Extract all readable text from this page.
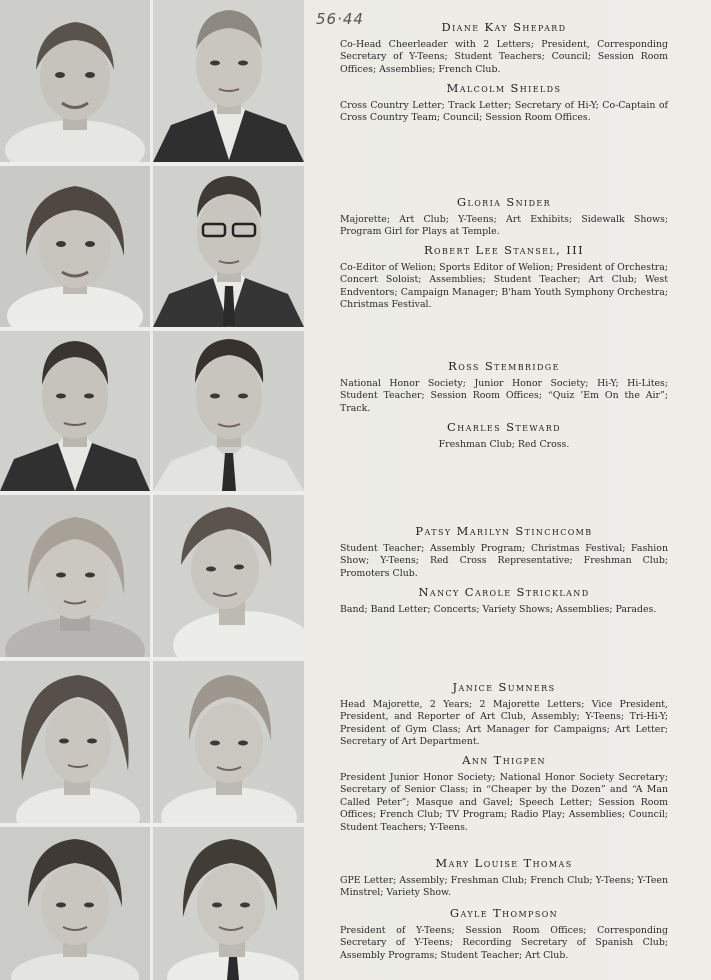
56·44	Diane Kay Shepard

Co-Head Cheerleader with 2 Letters; President, Corresponding Secretary of Y-Teens; Student Teachers; Council; Session Room Offices; Assemblies; French Club.

Malcolm Shields

Cross Country Letter; Track Letter; Secretary of Hi-Y; Co-Captain of Cross Country Team; Council; Session Room Offices.

Gloria Snider

Majorette; Art Club; Y-Teens; Art Exhibits; Sidewalk Shows; Program Girl for Plays at Temple.

Robert Lee Stansel, III

Co-Editor of Welion; Sports Editor of Welion; President of Orchestra; Concert Soloist; Assemblies; Student Teacher; Art Club; West Endventors; Campaign Manager; B'ham Youth Symphony Orchestra; Christmas Festival.

Ross Stembridge

National Honor Society; Junior Honor Society; Hi-Y; Hi-Lites; Student Teacher; Session Room Offices; “Quiz ’Em On the Air”; Track.

Charles Steward

Freshman Club; Red Cross.

Patsy Marilyn Stinchcomb

Student Teacher; Assembly Program; Christmas Festival; Fashion Show; Y-Teens; Red Cross Representative; Freshman Club; Promoters Club.

Nancy Carole Strickland

Band; Band Letter; Concerts; Variety Shows; Assemblies; Parades.

Janice Sumners

Head Majorette, 2 Years; 2 Majorette Letters; Vice President, President, and Reporter of Art Club, Assembly; Y-Teens; Tri-Hi-Y; President of Gym Class; Art Manager for Campaigns; Art Letter; Secretary of Art Department.

Ann Thigpen

President Junior Honor Society; National Honor Society Secretary; Secretary of Senior Class; in “Cheaper by the Dozen” and “A Man Called Peter”; Masque and Gavel; Speech Letter; Session Room Offices; French Club; TV Program; Radio Play; Assemblies; Council; Student Teachers; Y-Teens.

Mary Louise Thomas

GPE Letter; Assembly; Freshman Club; French Club; Y-Teens; Y-Teen Minstrel; Variety Show.

Gayle Thompson

President of Y-Teens; Session Room Offices; Corresponding Secretary of Y-Teens; Recording Secretary of Spanish Club; Assembly Programs; Student Teacher; Art Club.
